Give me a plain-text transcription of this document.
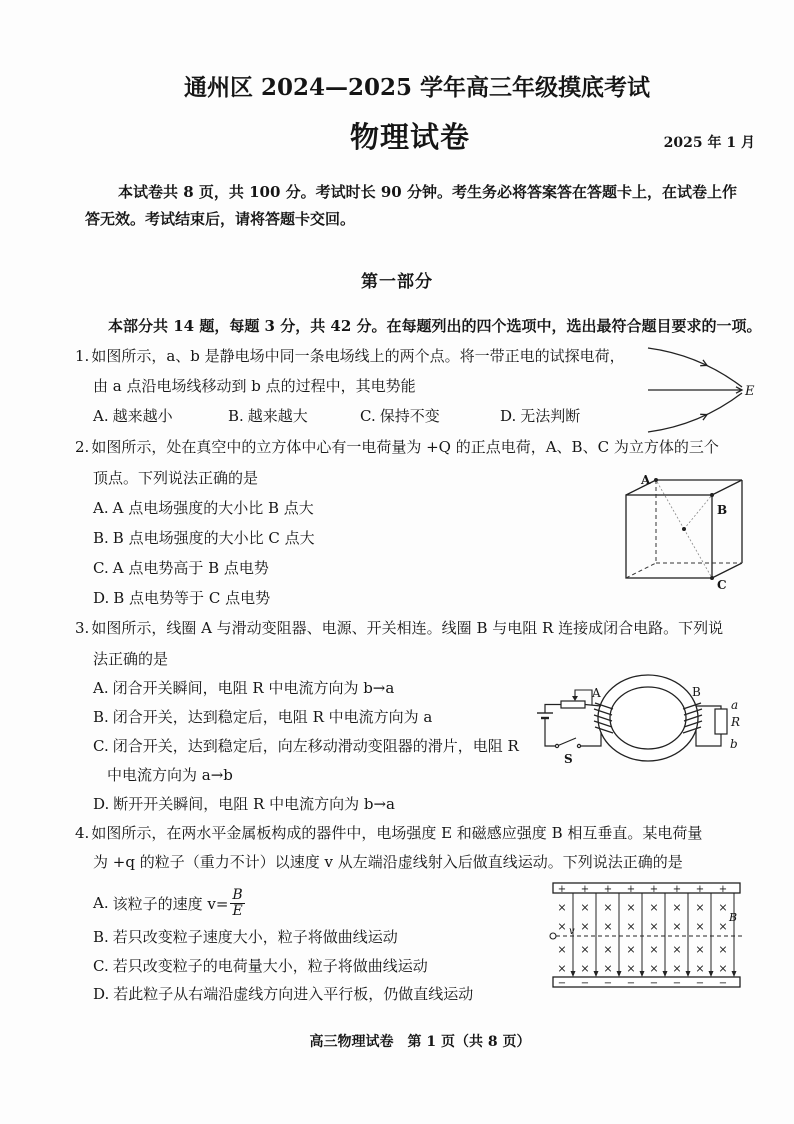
通州区 2024—2025 学年高三年级摸底考试
物理试卷	2025 年 1 月
本试卷共 8 页，共 100 分。考试时长 90 分钟。考生务必将答案答在答题卡上，在试卷上作
答无效。考试结束后，请将答题卡交回。
第一部分
本部分共 14 题，每题 3 分，共 42 分。在每题列出的四个选项中，选出最符合题目要求的一项。
1. 如图所示，a、b 是静电场中同一条电场线上的两个点。将一带正电的试探电荷，
由 a 点沿电场线移动到 b 点的过程中，其电势能
A. 越来越小	B. 越来越大	C. 保持不变	D. 无法判断
E
2. 如图所示，处在真空中的立方体中心有一电荷量为 +Q 的正点电荷，A、B、C 为立方体的三个
顶点。下列说法正确的是
A. A 点电场强度的大小比 B 点大
B. B 点电场强度的大小比 C 点大
C. A 点电势高于 B 点电势
D. B 点电势等于 C 点电势
A
B
C
3. 如图所示，线圈 A 与滑动变阻器、电源、开关相连。线圈 B 与电阻 R 连接成闭合电路。下列说
法正确的是
A. 闭合开关瞬间，电阻 R 中电流方向为 b→a
B. 闭合开关，达到稳定后，电阻 R 中电流方向为 a
C. 闭合开关，达到稳定后，向左移动滑动变阻器的滑片，电阻 R
中电流方向为 a→b
D. 断开开关瞬间，电阻 R 中电流方向为 b→a
A	B
a
R
b
S
4. 如图所示，在两水平金属板构成的器件中，电场强度 E 和磁感应强度 B 相互垂直。某电荷量
为 +q 的粒子（重力不计）以速度 v 从左端沿虚线射入后做直线运动。下列说法正确的是
A. 该粒子的速度 $v= \frac{B}{E}$
B. 若只改变粒子速度大小，粒子将做曲线运动
C. 若只改变粒子的电荷量大小，粒子将做曲线运动
D. 若此粒子从右端沿虚线方向进入平行板，仍做直线运动
+
−
×
×
×
×
+
−
×
×
×
×
+
−
×
×
×
×
+
−
×
×
×
×
+
−
×
×
×
×
+
−
×
×
×
×
+
−
×
×
×
×
+
−
×
×
×
×
v
B
高三物理试卷 第 1 页（共 8 页）
